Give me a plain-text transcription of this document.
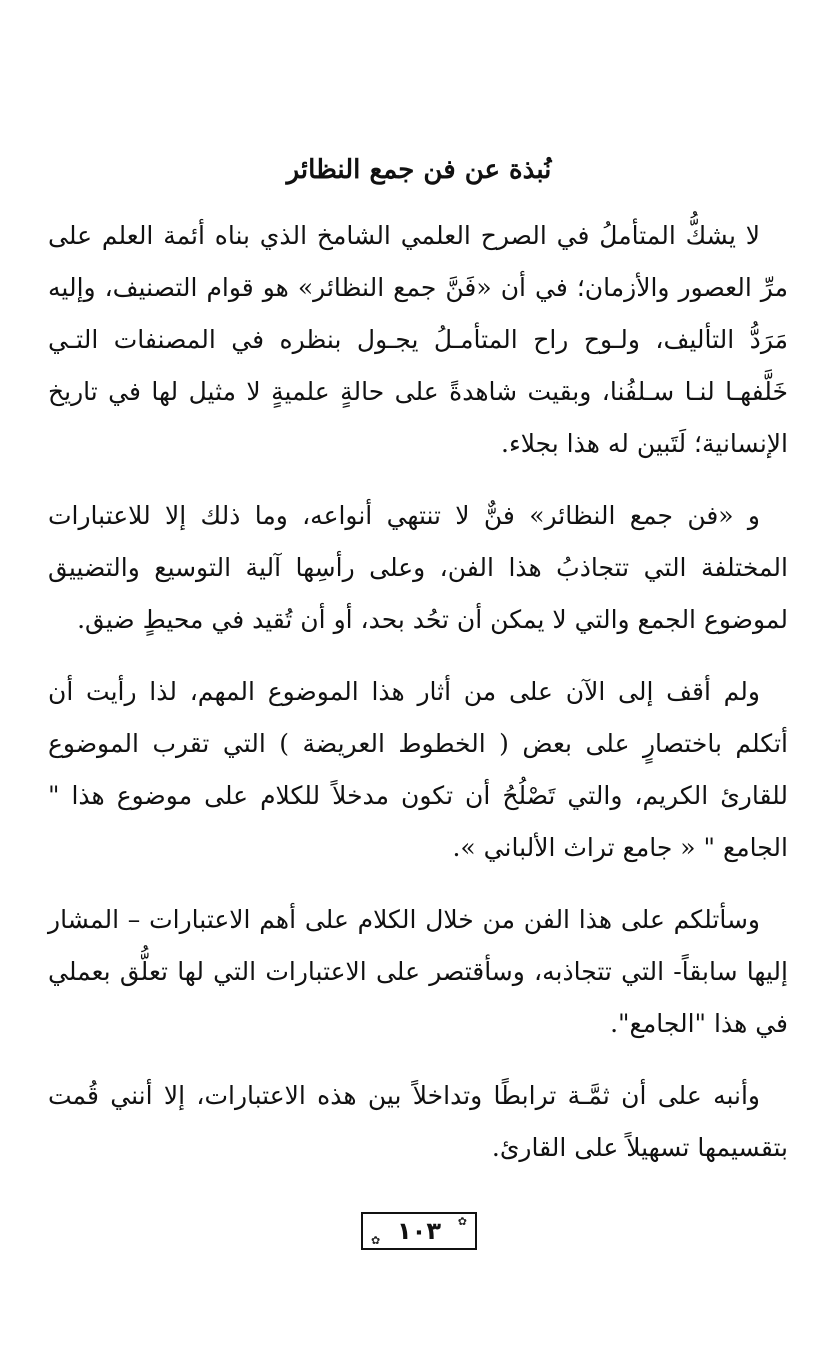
نُبذة عن فن جمع النظائر

لا يشكُّ المتأملُ في الصرح العلمي الشامخ الذي بناه أئمة العلم على مرِّ العصور والأزمان؛ في أن «فَنَّ جمع النظائر» هو قوام التصنيف، وإليه مَرَدُّ التأليف، ولـوح راح المتأمـلُ يجـول بنظره في المصنفات التـي خَلَّفهـا لنـا سـلفُنا، وبقيت شاهدةً على حالةٍ علميةٍ لا مثيل لها في تاريخ الإنسانية؛ لَتَبين له هذا بجلاء.

و «فن جمع النظائر» فنٌّ لا تنتهي أنواعه، وما ذلك إلا للاعتبارات المختلفة التي تتجاذبُ هذا الفن، وعلى رأسِها آلية التوسيع والتضييق لموضوع الجمع والتي لا يمكن أن تحُد بحد، أو أن تُقيد في محيطٍ ضيق.

ولم أقف إلى الآن على من أثار هذا الموضوع المهم، لذا رأيت أن أتكلم باختصارٍ على بعض ( الخطوط العريضة ) التي تقرب الموضوع للقارئ الكريم، والتي تَصْلُحُ أن تكون مدخلاً للكلام على موضوع هذا " الجامع " « جامع تراث الألباني ».

وسأتلكم على هذا الفن من خلال الكلام على أهم الاعتبارات – المشار إليها سابقاً- التي تتجاذبه، وسأقتصر على الاعتبارات التي لها تعلُّق بعملي في هذا "الجامع".

وأنبه على أن ثمَّـة ترابطًا وتداخلاً بين هذه الاعتبارات، إلا أنني قُمت بتقسيمها تسهيلاً على القارئ.

✿
١٠٣
✿
